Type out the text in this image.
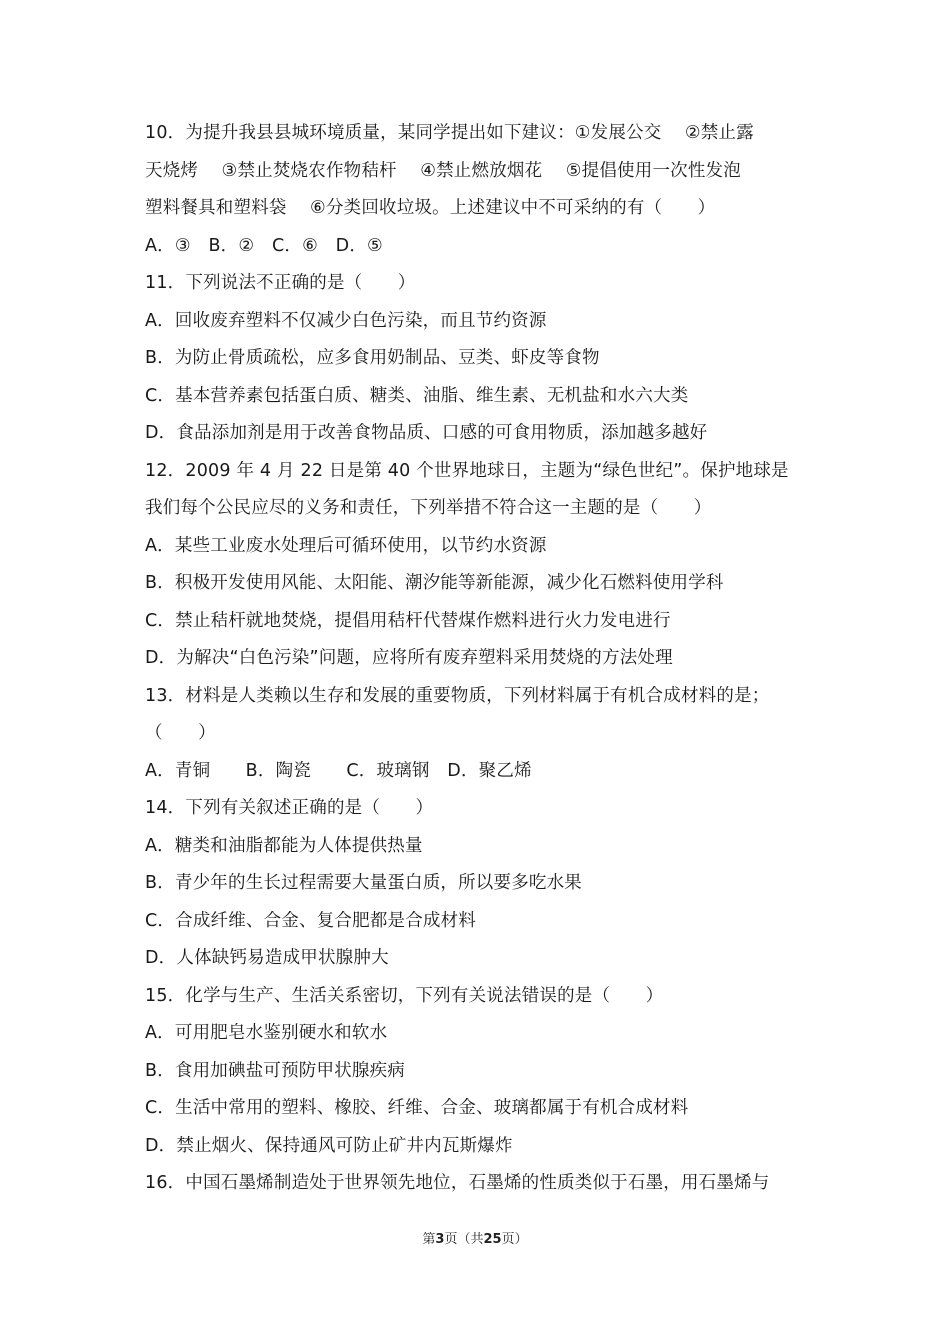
10．为提升我县县城环境质量，某同学提出如下建议：①发展公交　 ②禁止露
天烧烤　 ③禁止焚烧农作物秸杆　 ④禁止燃放烟花　 ⑤提倡使用一次性发泡
塑料餐具和塑料袋　 ⑥分类回收垃圾。上述建议中不可采纳的有（　　）
A．③　B．②　C．⑥　D．⑤
11．下列说法不正确的是（　　）
A．回收废弃塑料不仅减少白色污染，而且节约资源
B．为防止骨质疏松，应多食用奶制品、豆类、虾皮等食物
C．基本营养素包括蛋白质、糖类、油脂、维生素、无机盐和水六大类
D．食品添加剂是用于改善食物品质、口感的可食用物质，添加越多越好
12．2009 年 4 月 22 日是第 40 个世界地球日，主题为“绿色世纪”。保护地球是
我们每个公民应尽的义务和责任，下列举措不符合这一主题的是（　　）
A．某些工业废水处理后可循环使用，以节约水资源
B．积极开发使用风能、太阳能、潮汐能等新能源，减少化石燃料使用学科
C．禁止秸杆就地焚烧，提倡用秸杆代替煤作燃料进行火力发电进行
D．为解决“白色污染”问题，应将所有废弃塑料采用焚烧的方法处理
13．材料是人类赖以生存和发展的重要物质，下列材料属于有机合成材料的是；
（　　）
A．青铜　　B．陶瓷　　C．玻璃钢　D．聚乙烯
14．下列有关叙述正确的是（　　）
A．糖类和油脂都能为人体提供热量
B．青少年的生长过程需要大量蛋白质，所以要多吃水果
C．合成纤维、合金、复合肥都是合成材料
D．人体缺钙易造成甲状腺肿大
15．化学与生产、生活关系密切，下列有关说法错误的是（　　）
A．可用肥皂水鉴别硬水和软水
B．食用加碘盐可预防甲状腺疾病
C．生活中常用的塑料、橡胶、纤维、合金、玻璃都属于有机合成材料
D．禁止烟火、保持通风可防止矿井内瓦斯爆炸
16．中国石墨烯制造处于世界领先地位，石墨烯的性质类似于石墨，用石墨烯与
第3页（共25页）
